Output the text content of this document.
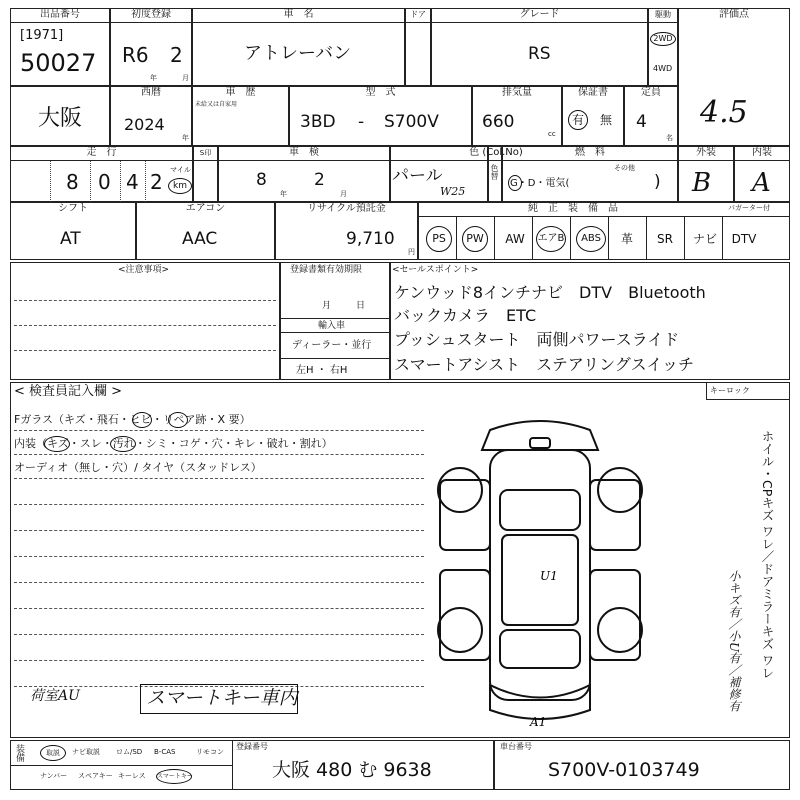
出品番号
[1971]
50027
初度登録
R6 2
年	月
車　名
アトレーバン
ドア	グレード
RS
駆動
2WD
4WD
評価点
4.5
大阪
西暦
2024
年
車　歴
未給又は自家用
型　式
3BD - S700V
排気量
660
cc
保証書
有	無
定員
4
名
走　行
8 0 4 2 マイル
km
S印	車　検
8
年
2
月
色 (Col.No)
パール
W25
色替
燃　料
G・D・電気(
その他
)
外装
B
内装
A
シフト
AT
エアコン
AAC
リサイクル預託金
9,710
円
純　正　装　備　品	パガーター付
PS	PW	AW	エアB	ABS	革	SR	ナビ	DTV
<注意事項>	登録書類有効期限
月	日
輸入車
ディーラー・並行
左H ・ 右H
<セールスポイント>
ケンウッド8インチナビ　DTV　Bluetooth
バックカメラ　ETC
プッシュスタート　両側パワースライド
スマートアシスト　ステアリングスイッチ
< 検査員記入欄 >	キーロック
Fガラス（キズ・飛石・ヒビ・リペア跡・X 要）
内装（キズ・スレ・汚れ・シミ・コゲ・穴・キレ・破れ・割れ）
オーディオ（無し・穴）/ タイヤ（スタッドレス）
荷室AU	スマートキー車内
U1
A1
ホイル・CPキズ ワレ／ドアミラーキズ ワレ
小キズ有／小U有／補修有
装備	取説	ナビ取説 ロム/SD B-CAS	リモコン
ナンバー スペアキー キーレス スマートキー
登録番号
大阪 480 む 9638
車台番号
S700V-0103749
